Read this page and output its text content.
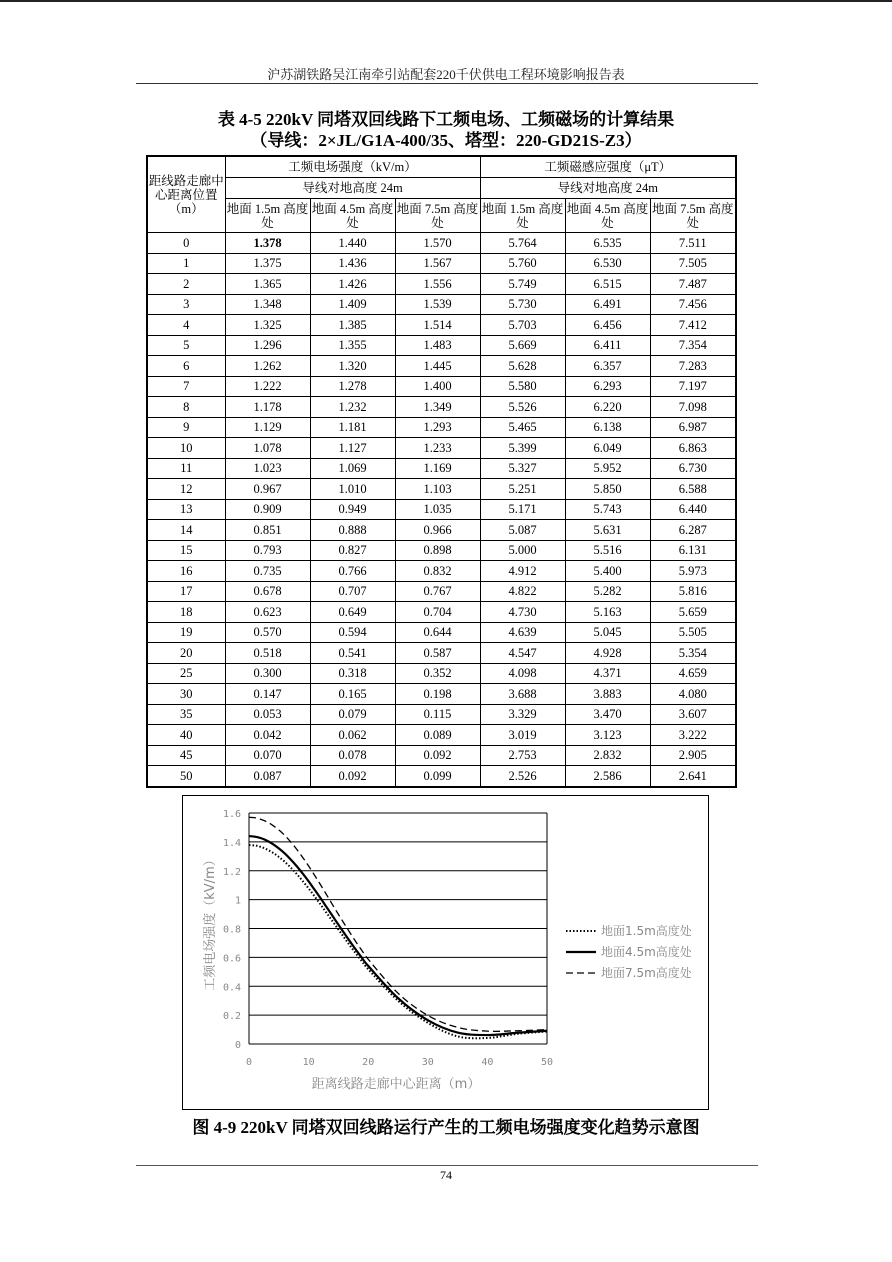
沪苏湖铁路吴江南牵引站配套220千伏供电工程环境影响报告表
表 4-5 220kV 同塔双回线路下工频电场、工频磁场的计算结果
（导线：2×JL/G1A-400/35、塔型：220-GD21S-Z3）
距线路走廊中心距离位置（m）	工频电场强度（kV/m）			工频磁感应强度（μT）		
	导线对地高度 24m			导线对地高度 24m		
	地面 1.5m 高度处	地面 4.5m 高度处	地面 7.5m 高度处	地面 1.5m 高度处	地面 4.5m 高度处	地面 7.5m 高度处
0	1.378	1.440	1.570	5.764	6.535	7.511
1	1.375	1.436	1.567	5.760	6.530	7.505
2	1.365	1.426	1.556	5.749	6.515	7.487
3	1.348	1.409	1.539	5.730	6.491	7.456
4	1.325	1.385	1.514	5.703	6.456	7.412
5	1.296	1.355	1.483	5.669	6.411	7.354
6	1.262	1.320	1.445	5.628	6.357	7.283
7	1.222	1.278	1.400	5.580	6.293	7.197
8	1.178	1.232	1.349	5.526	6.220	7.098
9	1.129	1.181	1.293	5.465	6.138	6.987
10	1.078	1.127	1.233	5.399	6.049	6.863
11	1.023	1.069	1.169	5.327	5.952	6.730
12	0.967	1.010	1.103	5.251	5.850	6.588
13	0.909	0.949	1.035	5.171	5.743	6.440
14	0.851	0.888	0.966	5.087	5.631	6.287
15	0.793	0.827	0.898	5.000	5.516	6.131
16	0.735	0.766	0.832	4.912	5.400	5.973
17	0.678	0.707	0.767	4.822	5.282	5.816
18	0.623	0.649	0.704	4.730	5.163	5.659
19	0.570	0.594	0.644	4.639	5.045	5.505
20	0.518	0.541	0.587	4.547	4.928	5.354
25	0.300	0.318	0.352	4.098	4.371	4.659
30	0.147	0.165	0.198	3.688	3.883	4.080
35	0.053	0.079	0.115	3.329	3.470	3.607
40	0.042	0.062	0.089	3.019	3.123	3.222
45	0.070	0.078	0.092	2.753	2.832	2.905
50	0.087	0.092	0.099	2.526	2.586	2.641
0
0.2
0.4
0.6
0.8
1
1.2
1.4
1.6
0	10	20	30	40	50
地面1.5m高度处
地面4.5m高度处
地面7.5m高度处
距离线路走廊中心距离（m）
工频电场强度（kV/m）
图 4-9 220kV 同塔双回线路运行产生的工频电场强度变化趋势示意图
74
